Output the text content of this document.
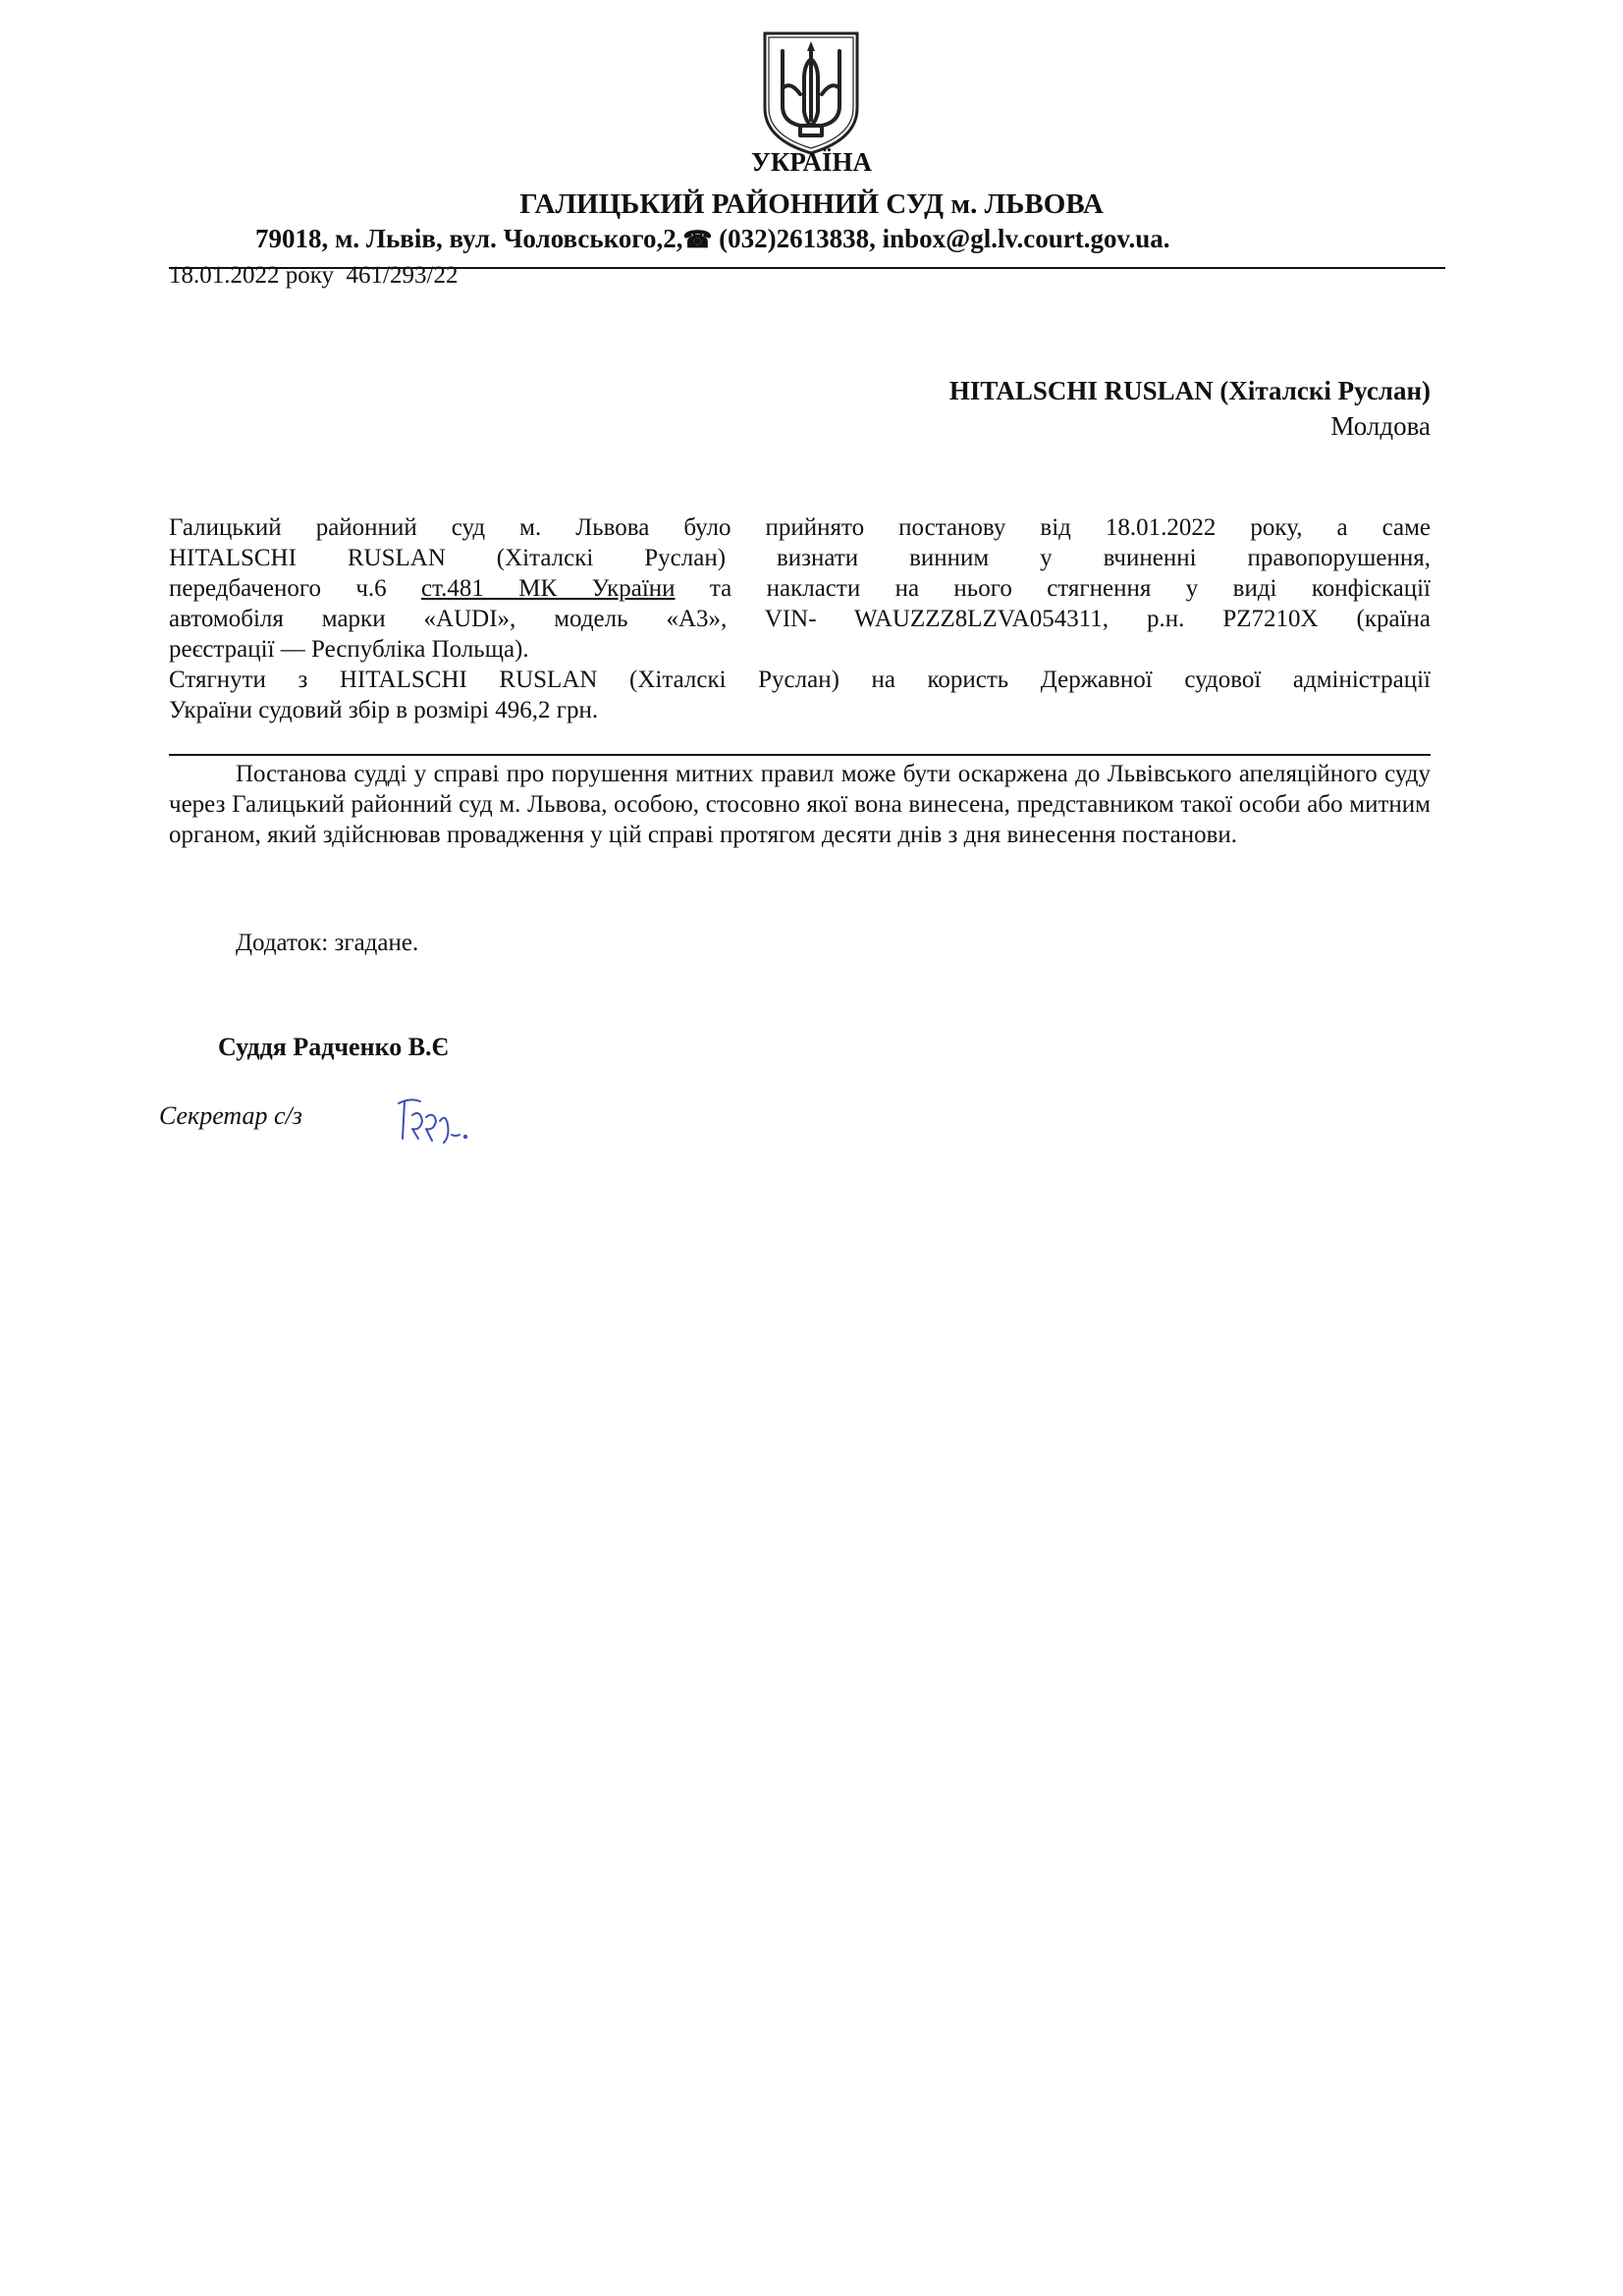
УКРАЇНА
ГАЛИЦЬКИЙ РАЙОННИЙ СУД м. ЛЬВОВА
79018, м. Львів, вул. Чоловського,2,☎ (032)2613838, inbox@gl.lv.court.gov.ua.
18.01.2022 року 461/293/22
HITALSCHI RUSLAN (Хіталскі Руслан)
Молдова
Галицький районний суд м. Львова було прийнято постанову від 18.01.2022 року, а саме
HITALSCHI RUSLAN (Хіталскі Руслан) визнати винним у вчиненні правопорушення,
передбаченого ч.6 ст.481 МК України та накласти на нього стягнення у виді конфіскації
автомобіля марки «AUDI», модель «A3», VIN- WAUZZZ8LZVA054311, р.н. PZ7210X (країна
реєстрації — Республіка Польща).
Стягнути з HITALSCHI RUSLAN (Хіталскі Руслан) на користь Державної судової адміністрації
України судовий збір в розмірі 496,2 грн.
Постанова судді у справі про порушення митних правил може бути оскаржена до Львівського апеляційного суду через Галицький районний суд м. Львова, особою, стосовно якої вона винесена, представником такої особи або митним органом, який здійснював провадження у цій справі протягом десяти днів з дня винесення постанови.
Додаток: згадане.
Суддя Радченко В.Є
Секретар с/з
